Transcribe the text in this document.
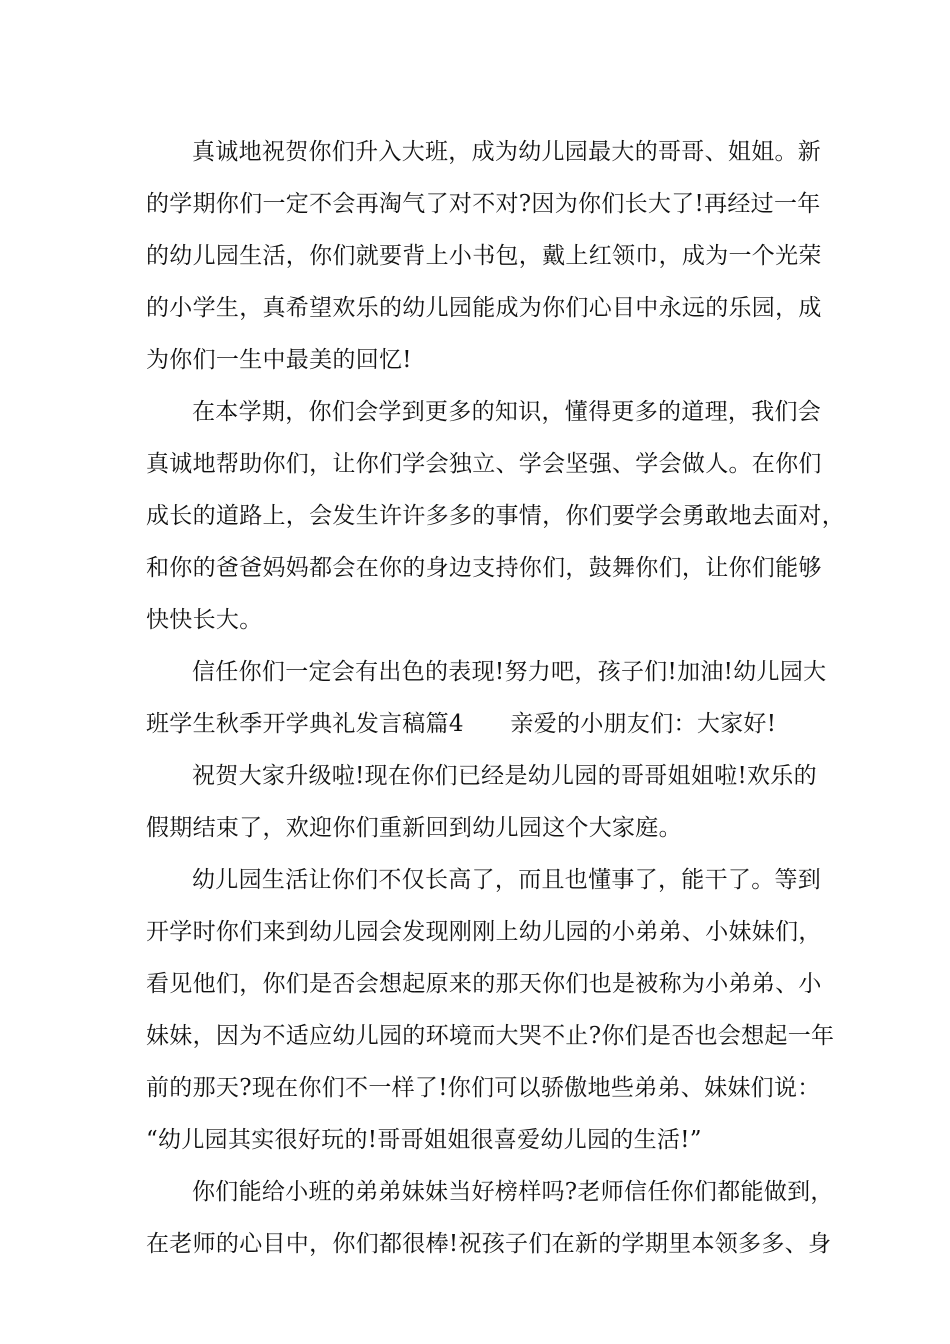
真诚地祝贺你们升入大班，成为幼儿园最大的哥哥、姐姐。新
的学期你们一定不会再淘气了对不对?因为你们长大了!再经过一年
的幼儿园生活，你们就要背上小书包，戴上红领巾，成为一个光荣
的小学生，真希望欢乐的幼儿园能成为你们心目中永远的乐园，成
为你们一生中最美的回忆!
在本学期，你们会学到更多的知识，懂得更多的道理，我们会
真诚地帮助你们，让你们学会独立、学会坚强、学会做人。在你们
成长的道路上，会发生许许多多的事情，你们要学会勇敢地去面对，
和你的爸爸妈妈都会在你的身边支持你们，鼓舞你们，让你们能够
快快长大。
信任你们一定会有出色的表现!努力吧，孩子们!加油!幼儿园大
班学生秋季开学典礼发言稿篇4　　亲爱的小朋友们：大家好!
祝贺大家升级啦!现在你们已经是幼儿园的哥哥姐姐啦!欢乐的
假期结束了，欢迎你们重新回到幼儿园这个大家庭。
幼儿园生活让你们不仅长高了，而且也懂事了，能干了。等到
开学时你们来到幼儿园会发现刚刚上幼儿园的小弟弟、小妹妹们，
看见他们，你们是否会想起原来的那天你们也是被称为小弟弟、小
妹妹，因为不适应幼儿园的环境而大哭不止?你们是否也会想起一年
前的那天?现在你们不一样了!你们可以骄傲地些弟弟、妹妹们说：
“幼儿园其实很好玩的!哥哥姐姐很喜爱幼儿园的生活!”
你们能给小班的弟弟妹妹当好榜样吗?老师信任你们都能做到，
在老师的心目中，你们都很棒!祝孩子们在新的学期里本领多多、身
